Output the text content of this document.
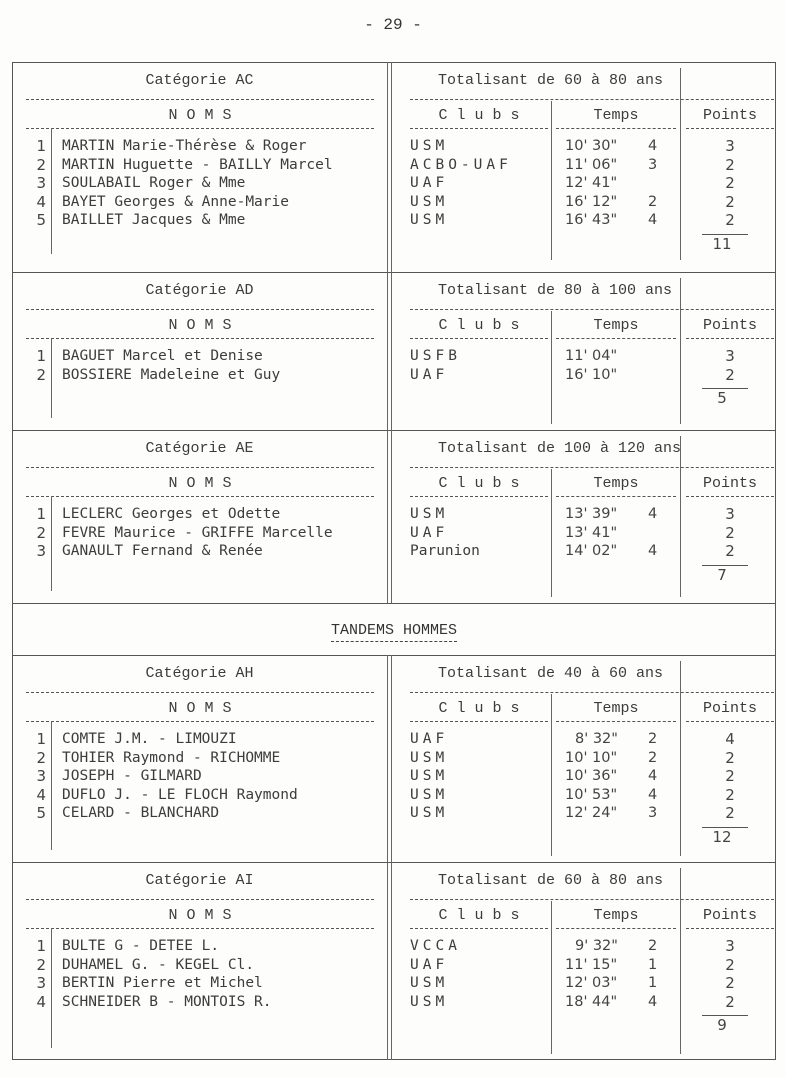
- 29 -
Catégorie AC	Totalisant de 60 à 80 ans
N O M S	C l u b s	Temps	Points
1 MARTIN Marie-Thérèse & Roger	USM	10' 30" 4	3
2 MARTIN Huguette - BAILLY Marcel	ACBO-UAF	11' 06" 3	2
3 SOULABAIL Roger & Mme	UAF	12' 41"	2
4 BAYET Georges & Anne-Marie	USM	16' 12" 2	2
5 BAILLET Jacques & Mme	USM	16' 43" 4	2
11
Catégorie AD	Totalisant de 80 à 100 ans
N O M S	C l u b s	Temps	Points
1 BAGUET Marcel et Denise	USFB	11' 04"	3
2 BOSSIERE Madeleine et Guy	UAF	16' 10"	2
5
Catégorie AE	Totalisant de 100 à 120 ans
N O M S	C l u b s	Temps	Points
1 LECLERC Georges et Odette	USM	13' 39" 4	3
2 FEVRE Maurice - GRIFFE Marcelle	UAF	13' 41"	2
3 GANAULT Fernand & Renée	Parunion	14' 02" 4	2
7
Catégorie AH	Totalisant de 40 à 60 ans
N O M S	C l u b s	Temps	Points
1 COMTE J.M. - LIMOUZI	UAF	8' 32" 2	4
2 TOHIER Raymond - RICHOMME	USM	10' 10" 2	2
3 JOSEPH - GILMARD	USM	10' 36" 4	2
4 DUFLO J. - LE FLOCH Raymond	USM	10' 53" 4	2
5 CELARD - BLANCHARD	USM	12' 24" 3	2
12
Catégorie AI	Totalisant de 60 à 80 ans
N O M S	C l u b s	Temps	Points
1 BULTE G - DETEE L.	VCCA	9' 32" 2	3
2 DUHAMEL G. - KEGEL Cl.	UAF	11' 15" 1	2
3 BERTIN Pierre et Michel	USM	12' 03" 1	2
4 SCHNEIDER B - MONTOIS R.	USM	18' 44" 4	2
9
TANDEMS HOMMES
